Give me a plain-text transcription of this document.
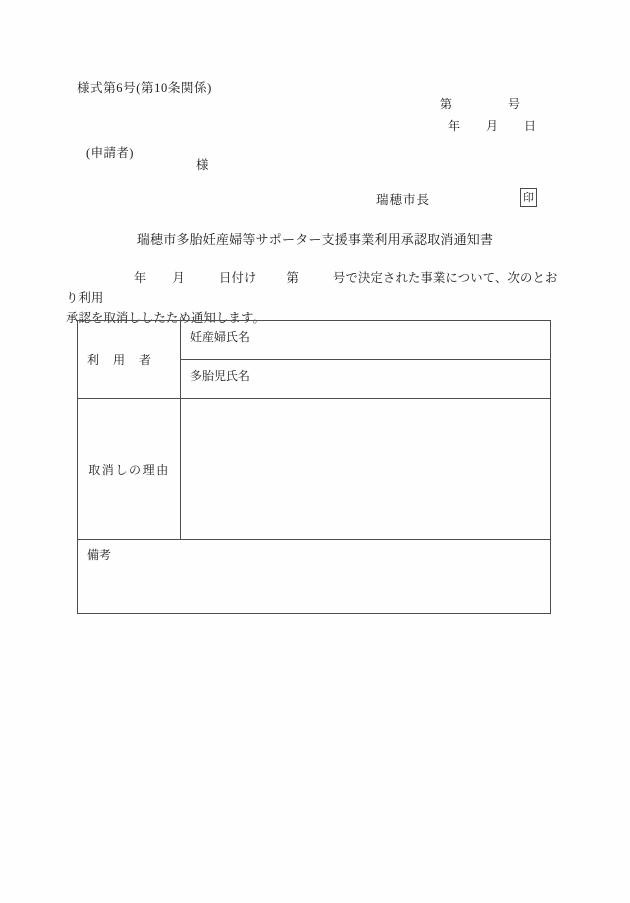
様式第6号(第10条関係)
第	号
年	月	日
(申請者)
様
瑞穂市長	印
瑞穂市多胎妊産婦等サポーター支援事業利用承認取消通知書
年 月	日付け 第	号で決定された事業について、次のとおり利用
承認を取消ししたため通知します。
利 用 者	妊産婦氏名
	多胎児氏名
取消しの理由	
備考	
